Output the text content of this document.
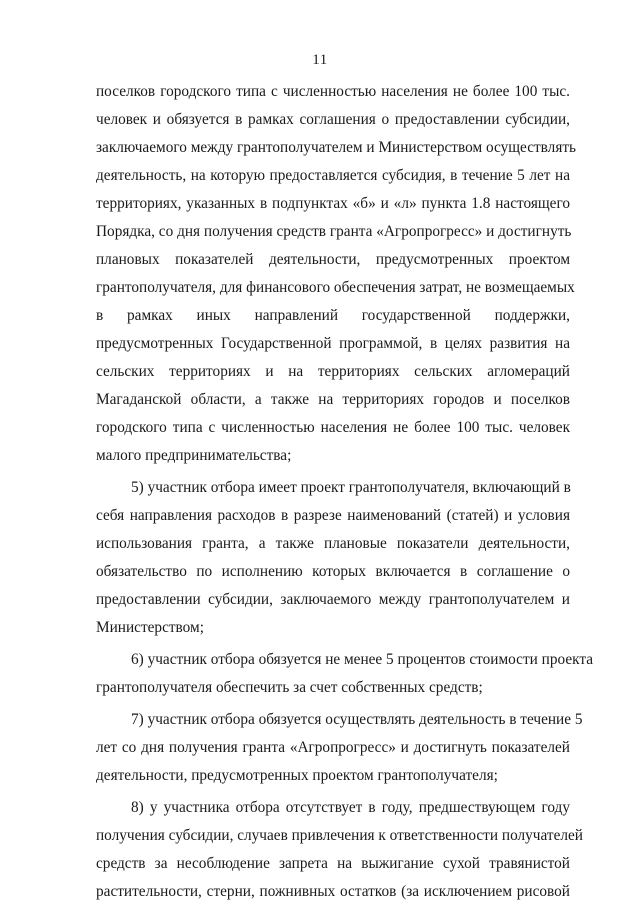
11
поселков городского типа с численностью населения не более 100 тыс.
человек и обязуется в рамках соглашения о предоставлении субсидии,
заключаемого между грантополучателем и Министерством осуществлять
деятельность, на которую предоставляется субсидия, в течение 5 лет на
территориях, указанных в подпунктах «б» и «л» пункта 1.8 настоящего
Порядка, со дня получения средств гранта «Агропрогресс» и достигнуть
плановых показателей деятельности, предусмотренных проектом
грантополучателя, для финансового обеспечения затрат, не возмещаемых
в рамках иных направлений государственной поддержки,
предусмотренных Государственной программой, в целях развития на
сельских территориях и на территориях сельских агломераций
Магаданской области, а также на территориях городов и поселков
городского типа с численностью населения не более 100 тыс. человек
малого предпринимательства;
5) участник отбора имеет проект грантополучателя, включающий в
себя направления расходов в разрезе наименований (статей) и условия
использования гранта, а также плановые показатели деятельности,
обязательство по исполнению которых включается в соглашение о
предоставлении субсидии, заключаемого между грантополучателем и
Министерством;
6) участник отбора обязуется не менее 5 процентов стоимости проекта
грантополучателя обеспечить за счет собственных средств;
7) участник отбора обязуется осуществлять деятельность в течение 5
лет со дня получения гранта «Агропрогресс» и достигнуть показателей
деятельности, предусмотренных проектом грантополучателя;
8) у участника отбора отсутствует в году, предшествующем году
получения субсидии, случаев привлечения к ответственности получателей
средств за несоблюдение запрета на выжигание сухой травянистой
растительности, стерни, пожнивных остатков (за исключением рисовой
